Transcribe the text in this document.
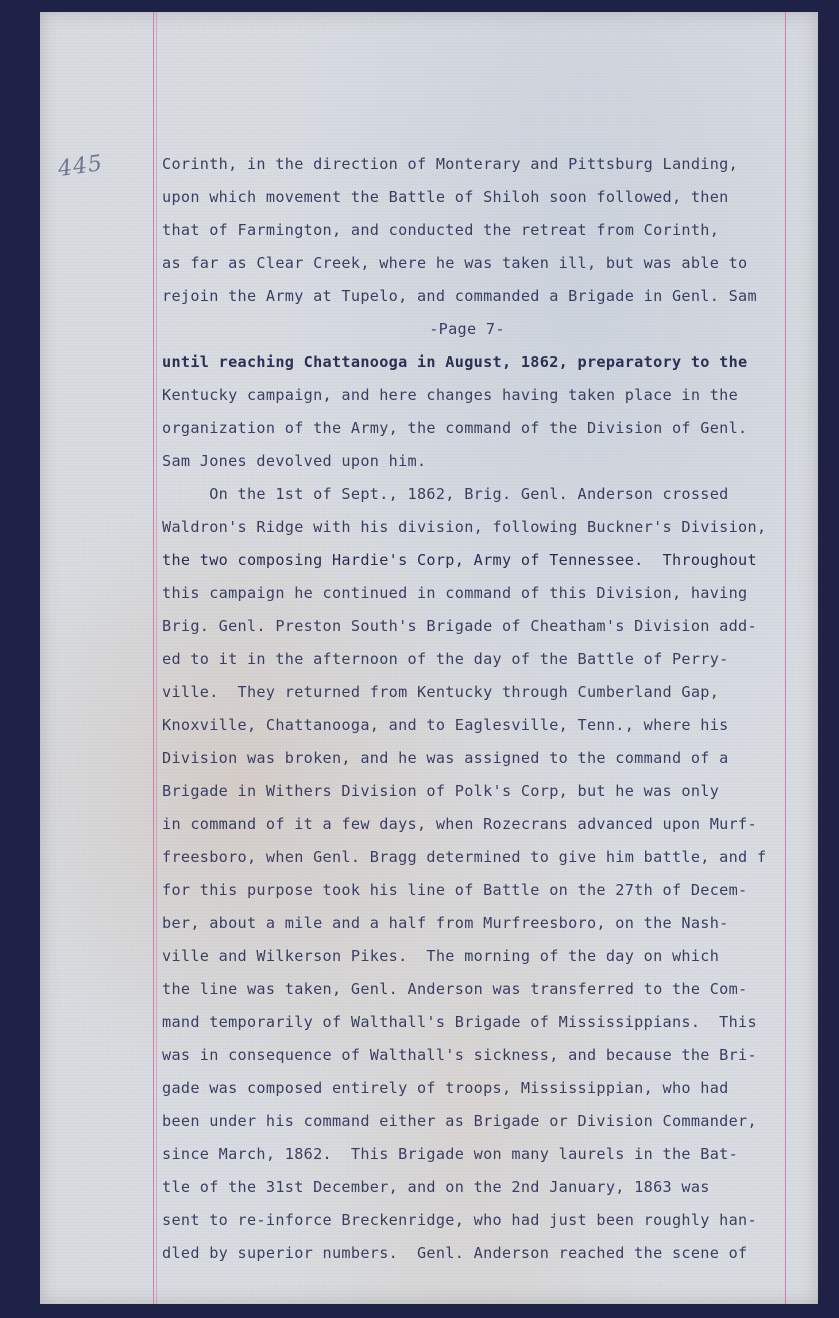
445	Corinth, in the direction of Monterary and Pittsburg Landing,
upon which movement the Battle of Shiloh soon followed, then
that of Farmington, and conducted the retreat from Corinth,
as far as Clear Creek, where he was taken ill, but was able to
rejoin the Army at Tupelo, and commanded a Brigade in Genl. Sam
-Page 7-
until reaching Chattanooga in August, 1862, preparatory to the
Kentucky campaign, and here changes having taken place in the
organization of the Army, the command of the Division of Genl.
Sam Jones devolved upon him.
On the 1st of Sept., 1862, Brig. Genl. Anderson crossed
Waldron's Ridge with his division, following Buckner's Division,
the two composing Hardie's Corp, Army of Tennessee.  Throughout
this campaign he continued in command of this Division, having
Brig. Genl. Preston South's Brigade of Cheatham's Division add-
ed to it in the afternoon of the day of the Battle of Perry-
ville.  They returned from Kentucky through Cumberland Gap,
Knoxville, Chattanooga, and to Eaglesville, Tenn., where his
Division was broken, and he was assigned to the command of a
Brigade in Withers Division of Polk's Corp, but he was only
in command of it a few days, when Rozecrans advanced upon Murf-
freesboro, when Genl. Bragg determined to give him battle, and f
for this purpose took his line of Battle on the 27th of Decem-
ber, about a mile and a half from Murfreesboro, on the Nash-
ville and Wilkerson Pikes.  The morning of the day on which
the line was taken, Genl. Anderson was transferred to the Com-
mand temporarily of Walthall's Brigade of Mississippians.  This
was in consequence of Walthall's sickness, and because the Bri-
gade was composed entirely of troops, Mississippian, who had
been under his command either as Brigade or Division Commander,
since March, 1862.  This Brigade won many laurels in the Bat-
tle of the 31st December, and on the 2nd January, 1863 was
sent to re-inforce Breckenridge, who had just been roughly han-
dled by superior numbers.  Genl. Anderson reached the scene of
